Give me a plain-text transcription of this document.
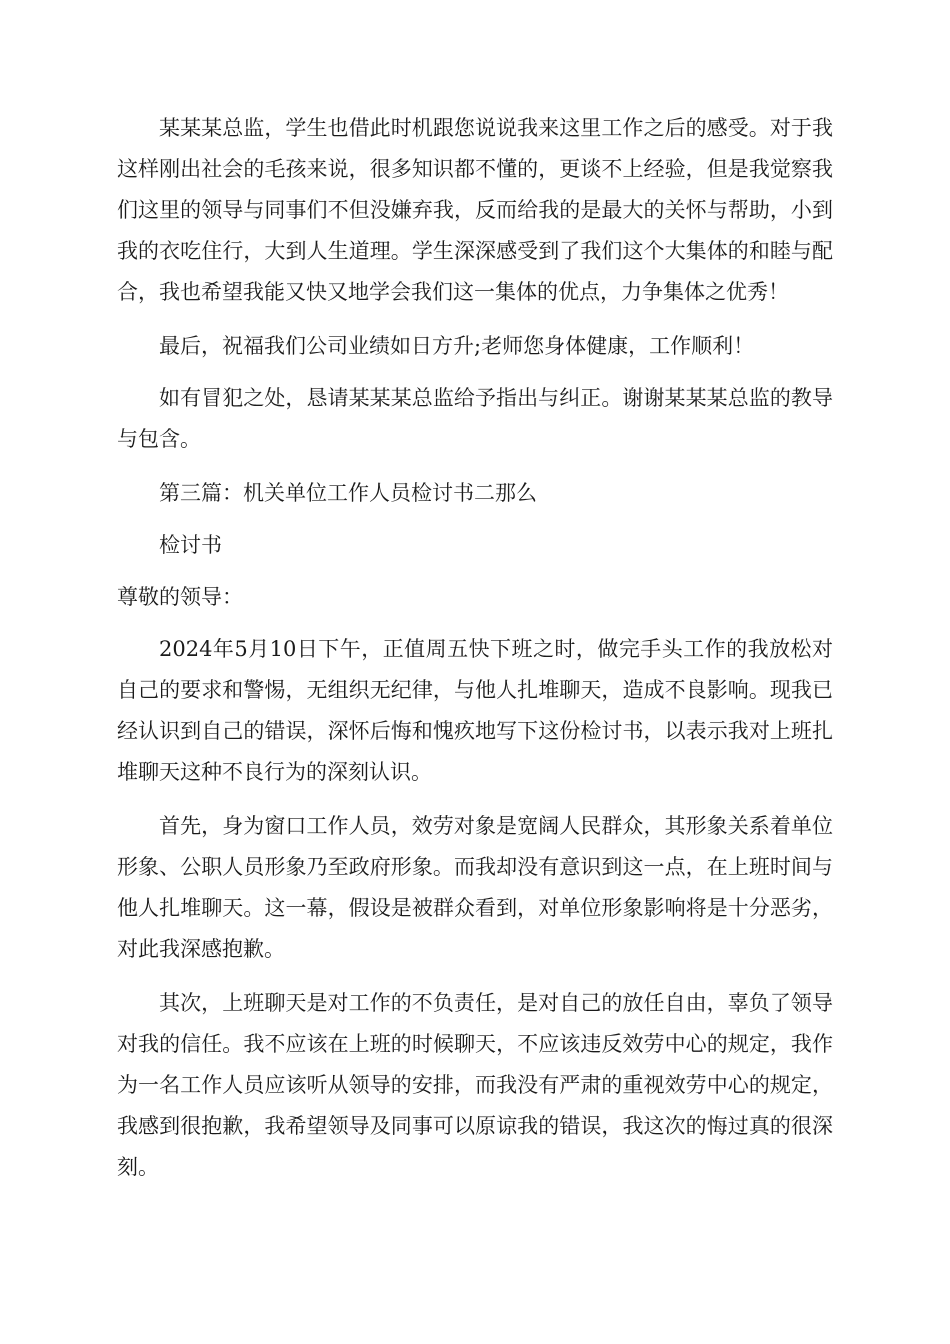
某某某总监，学生也借此时机跟您说说我来这里工作之后的感受。对于我这样刚出社会的毛孩来说，很多知识都不懂的，更谈不上经验，但是我觉察我们这里的领导与同事们不但没嫌弃我，反而给我的是最大的关怀与帮助，小到我的衣吃住行，大到人生道理。学生深深感受到了我们这个大集体的和睦与配合，我也希望我能又快又地学会我们这一集体的优点，力争集体之优秀！

最后，祝福我们公司业绩如日方升;老师您身体健康，工作顺利！

如有冒犯之处，恳请某某某总监给予指出与纠正。谢谢某某某总监的教导与包含。

第三篇：机关单位工作人员检讨书二那么

检讨书

尊敬的领导：

2024年5月10日下午，正值周五快下班之时，做完手头工作的我放松对自己的要求和警惕，无组织无纪律，与他人扎堆聊天，造成不良影响。现我已经认识到自己的错误，深怀后悔和愧疚地写下这份检讨书，以表示我对上班扎堆聊天这种不良行为的深刻认识。

首先，身为窗口工作人员，效劳对象是宽阔人民群众，其形象关系着单位形象、公职人员形象乃至政府形象。而我却没有意识到这一点，在上班时间与他人扎堆聊天。这一幕，假设是被群众看到，对单位形象影响将是十分恶劣，对此我深感抱歉。

其次，上班聊天是对工作的不负责任，是对自己的放任自由，辜负了领导对我的信任。我不应该在上班的时候聊天，不应该违反效劳中心的规定，我作为一名工作人员应该听从领导的安排，而我没有严肃的重视效劳中心的规定，我感到很抱歉，我希望领导及同事可以原谅我的错误，我这次的悔过真的很深刻。
